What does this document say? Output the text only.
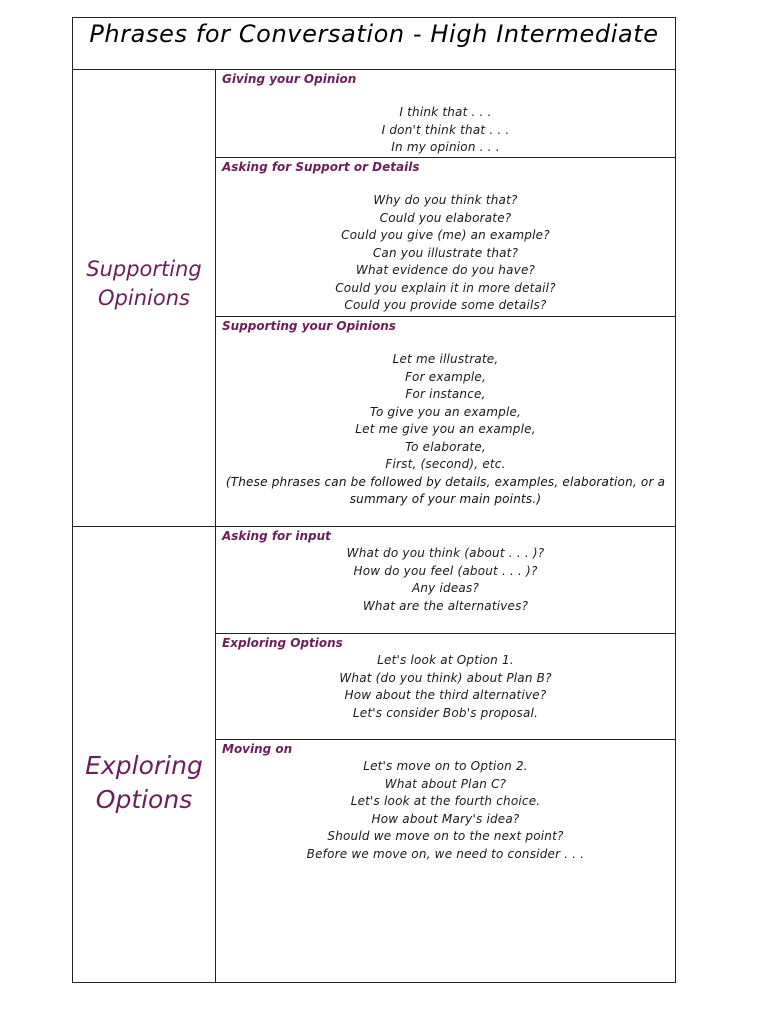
Phrases for Conversation - High Intermediate
Supporting Opinions
Exploring Options
Giving your Opinion
I think that . . .
I don't think that . . .
In my opinion . . .
Asking for Support or Details
Why do you think that?
Could you elaborate?
Could you give (me) an example?
Can you illustrate that?
What evidence do you have?
Could you explain it in more detail?
Could you provide some details?
Supporting your Opinions
Let me illustrate,
For example,
For instance,
To give you an example,
Let me give you an example,
To elaborate,
First, (second), etc.
(These phrases can be followed by details, examples, elaboration, or a summary of your main points.)
Asking for input
What do you think (about . . . )?
How do you feel (about . . . )?
Any ideas?
What are the alternatives?
Exploring Options
Let's look at Option 1.
What (do you think) about Plan B?
How about the third alternative?
Let's consider Bob's proposal.
Moving on
Let's move on to Option 2.
What about Plan C?
Let's look at the fourth choice.
How about Mary's idea?
Should we move on to the next point?
Before we move on, we need to consider . . .
